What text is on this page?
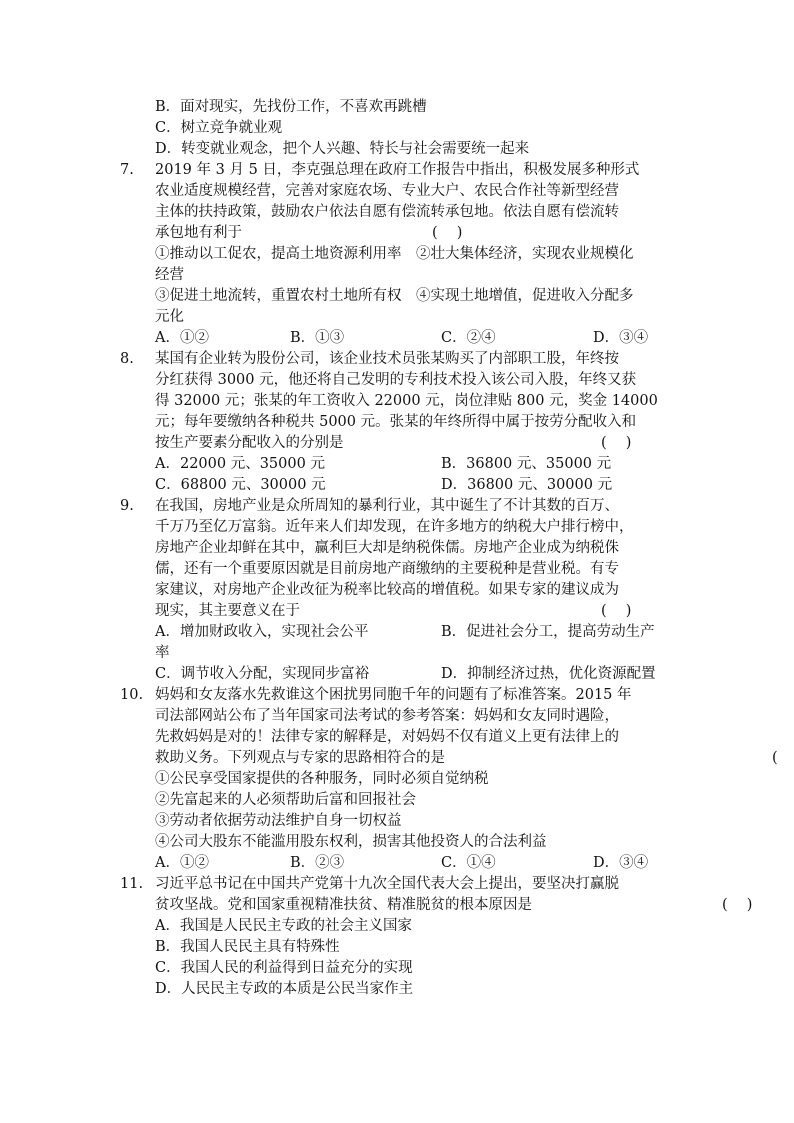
B．面对现实，先找份工作，不喜欢再跳槽
C．树立竞争就业观
D．转变就业观念，把个人兴趣、特长与社会需要统一起来
7. 2019 年 3 月 5 日，李克强总理在政府工作报告中指出，积极发展多种形式
农业适度规模经营，完善对家庭农场、专业大户、农民合作社等新型经营
主体的扶持政策，鼓励农户依法自愿有偿流转承包地。依法自愿有偿流转
承包地有利于	(　 )
①推动以工促农，提高土地资源利用率　②壮大集体经济，实现农业规模化
经营
③促进土地流转，重置农村土地所有权　④实现土地增值，促进收入分配多
元化
A．①②	B．①③	C．②④	D．③④
8. 某国有企业转为股份公司，该企业技术员张某购买了内部职工股，年终按
分红获得 3000 元，他还将自己发明的专利技术投入该公司入股，年终又获
得 32000 元；张某的年工资收入 22000 元，岗位津贴 800 元，奖金 14000
元；每年要缴纳各种税共 5000 元。张某的年终所得中属于按劳分配收入和
按生产要素分配收入的分别是	(　 )
A．22000 元、35000 元	B．36800 元、35000 元
C．68800 元、30000 元	D．36800 元、30000 元
9. 在我国，房地产业是众所周知的暴利行业，其中诞生了不计其数的百万、
千万乃至亿万富翁。近年来人们却发现，在许多地方的纳税大户排行榜中，
房地产企业却鲜在其中，赢利巨大却是纳税侏儒。房地产企业成为纳税侏
儒，还有一个重要原因就是目前房地产商缴纳的主要税种是营业税。有专
家建议，对房地产企业改征为税率比较高的增值税。如果专家的建议成为
现实，其主要意义在于	(　 )
A．增加财政收入，实现社会公平	B．促进社会分工，提高劳动生产
率
C．调节收入分配，实现同步富裕	D．抑制经济过热，优化资源配置
10. 妈妈和女友落水先救谁这个困扰男同胞千年的问题有了标准答案。2015 年
司法部网站公布了当年国家司法考试的参考答案：妈妈和女友同时遇险，
先救妈妈是对的！法律专家的解释是，对妈妈不仅有道义上更有法律上的
救助义务。下列观点与专家的思路相符合的是	(
①公民享受国家提供的各种服务，同时必须自觉纳税
②先富起来的人必须帮助后富和回报社会
③劳动者依据劳动法维护自身一切权益
④公司大股东不能滥用股东权利，损害其他投资人的合法利益
A．①②	B．②③	C．①④	D．③④
11. 习近平总书记在中国共产党第十九次全国代表大会上提出，要坚决打赢脱
贫攻坚战。党和国家重视精准扶贫、精准脱贫的根本原因是	(　 )
A．我国是人民民主专政的社会主义国家
B．我国人民民主具有特殊性
C．我国人民的利益得到日益充分的实现
D．人民民主专政的本质是公民当家作主
